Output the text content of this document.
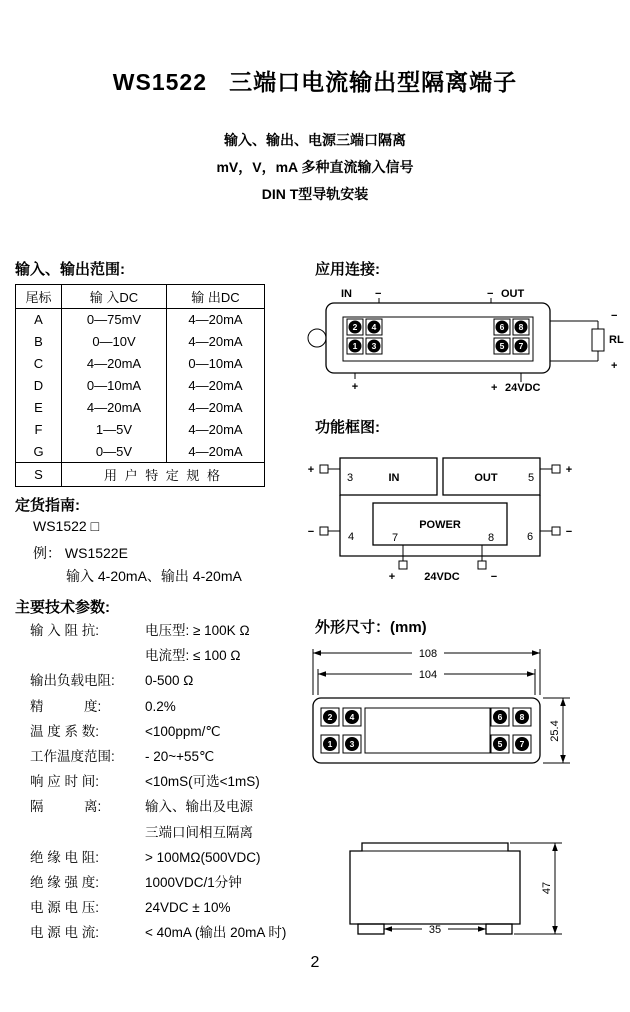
WS1522   三端口电流输出型隔离端子
输入、输出、电源三端口隔离
mV，V，mA 多种直流输入信号
DIN T型导轨安装
输入、输出范围:
尾标	输 入DC	输 出DC
A	0—75mV	4—20mA
B	0—10V	4—20mA
C	4—20mA	0—10mA
D	0—10mA	4—20mA
E	4—20mA	4—20mA
F	1—5V	4—20mA
G	0—5V	4—20mA
S	用 户 特 定 规 格	
定货指南:
WS1522 □
例： WS1522E
输入 4-20mA、输出 4-20mA
主要技术参数:
输 入 阻 抗:	电压型: ≥ 100K Ω
电流型: ≤ 100 Ω
输出负载电阻: 0-500 Ω
精　　　度:	0.2%
温 度 系 数:	<100ppm/℃
工作温度范围: - 20~+55℃
响 应 时 间:	<10mS(可选<1mS)
隔　　　离:	输入、输出及电源
三端口间相互隔离
绝 缘 电 阻:	> 100MΩ(500VDC)
绝 缘 强 度:	1000VDC/1分钟
电 源 电 压:	24VDC ± 10%
电 源 电 流:	< 40mA (输出 20mA 时)
应用连接:
2 4
1 3
6 8
5 7
IN −
+
− OUT
RL
−
+
+ 24VDC
功能框图:
3	IN	OUT	5
4	6
POWER
7	8
+
−
+
−
+	24VDC	−
外形尺寸：(mm)
2 4	6 8
1 3	5 7
108
104
25.4
35
47
2
